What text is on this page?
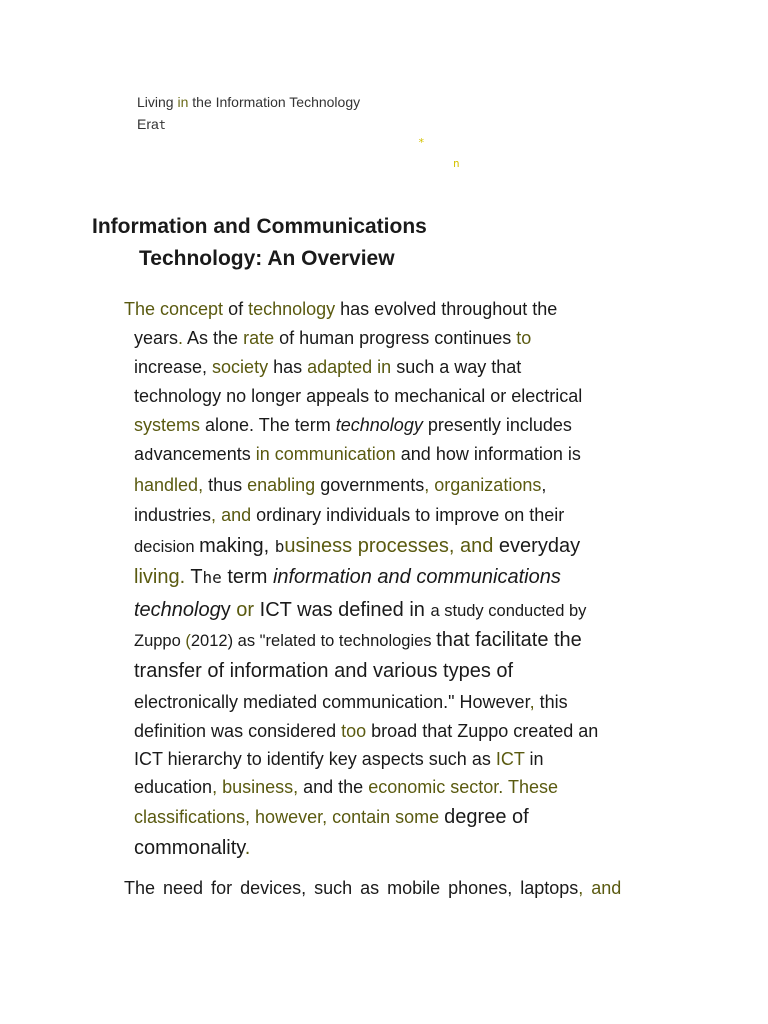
Living in the Information Technology
Erat
*
n
Information and Communications
Technology: An Overview
The concept of technology has evolved throughout the
years. As the rate of human progress continues to
increase, society has adapted in such a way that
technology no longer appeals to mechanical or electrical
systems alone. The term technology presently includes
advancements in communication and how information is
handled, thus enabling governments, organizations,
industries, and ordinary individuals to improve on their
decision making, business processes, and everyday
living. The term information and communications
technology or ICT was defined in a study conducted by
Zuppo (2012) as "related to technologies that facilitate the
transfer of information and various types of
electronically mediated communication." However, this
definition was considered too broad that Zuppo created an
ICT hierarchy to identify key aspects such as ICT in
education, business, and the economic sector. These
classifications, however, contain some degree of
commonality.
The need for devices, such as mobile phones, laptops, and
